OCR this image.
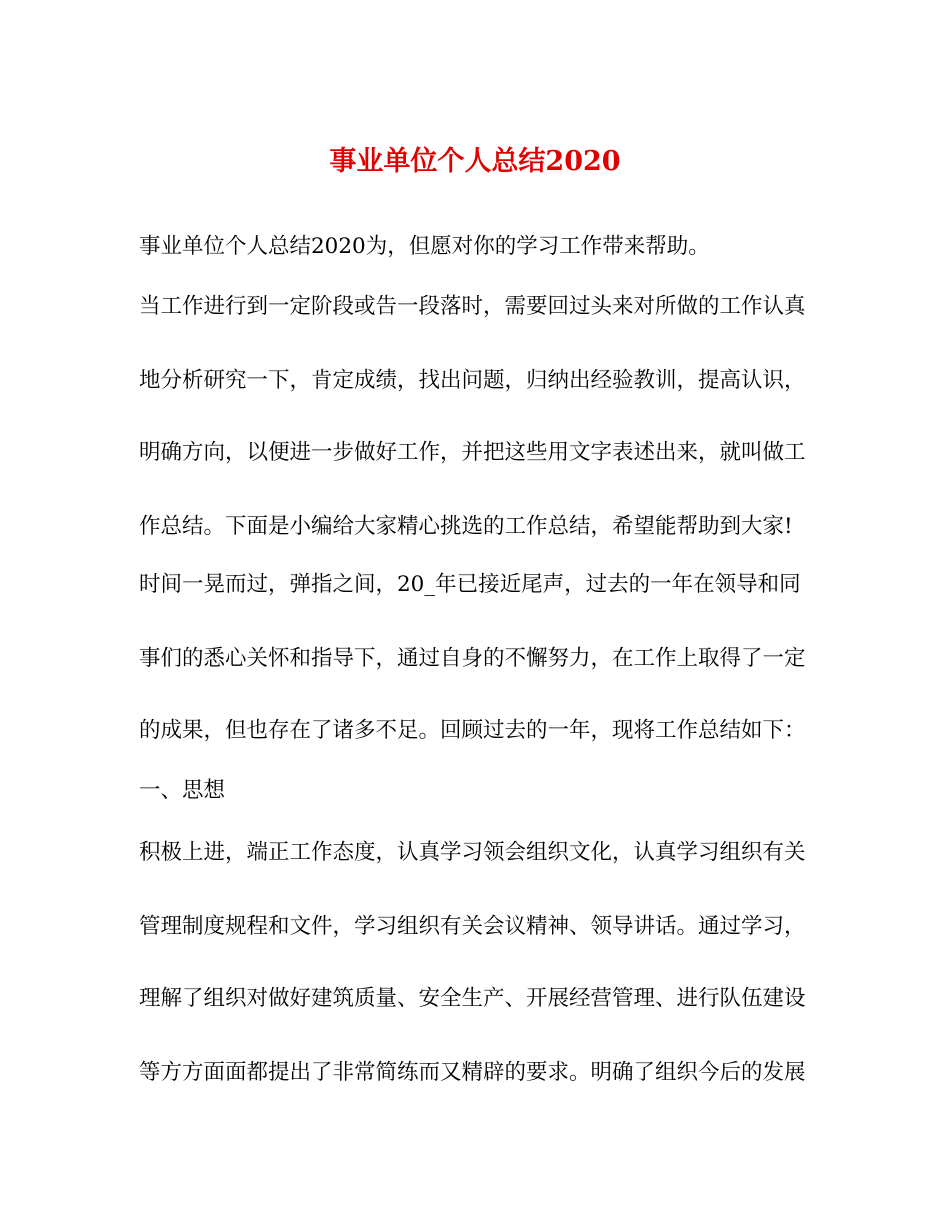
事业单位个人总结2020
事业单位个人总结2020为，但愿对你的学习工作带来帮助。
当工作进行到一定阶段或告一段落时，需要回过头来对所做的工作认真
地分析研究一下，肯定成绩，找出问题，归纳出经验教训，提高认识，
明确方向，以便进一步做好工作，并把这些用文字表述出来，就叫做工
作总结。下面是小编给大家精心挑选的工作总结，希望能帮助到大家!
时间一晃而过，弹指之间，20_年已接近尾声，过去的一年在领导和同
事们的悉心关怀和指导下，通过自身的不懈努力，在工作上取得了一定
的成果，但也存在了诸多不足。回顾过去的一年，现将工作总结如下：
一、思想
积极上进，端正工作态度，认真学习领会组织文化，认真学习组织有关
管理制度规程和文件，学习组织有关会议精神、领导讲话。通过学习，
理解了组织对做好建筑质量、安全生产、开展经营管理、进行队伍建设
等方方面面都提出了非常简练而又精辟的要求。明确了组织今后的发展
